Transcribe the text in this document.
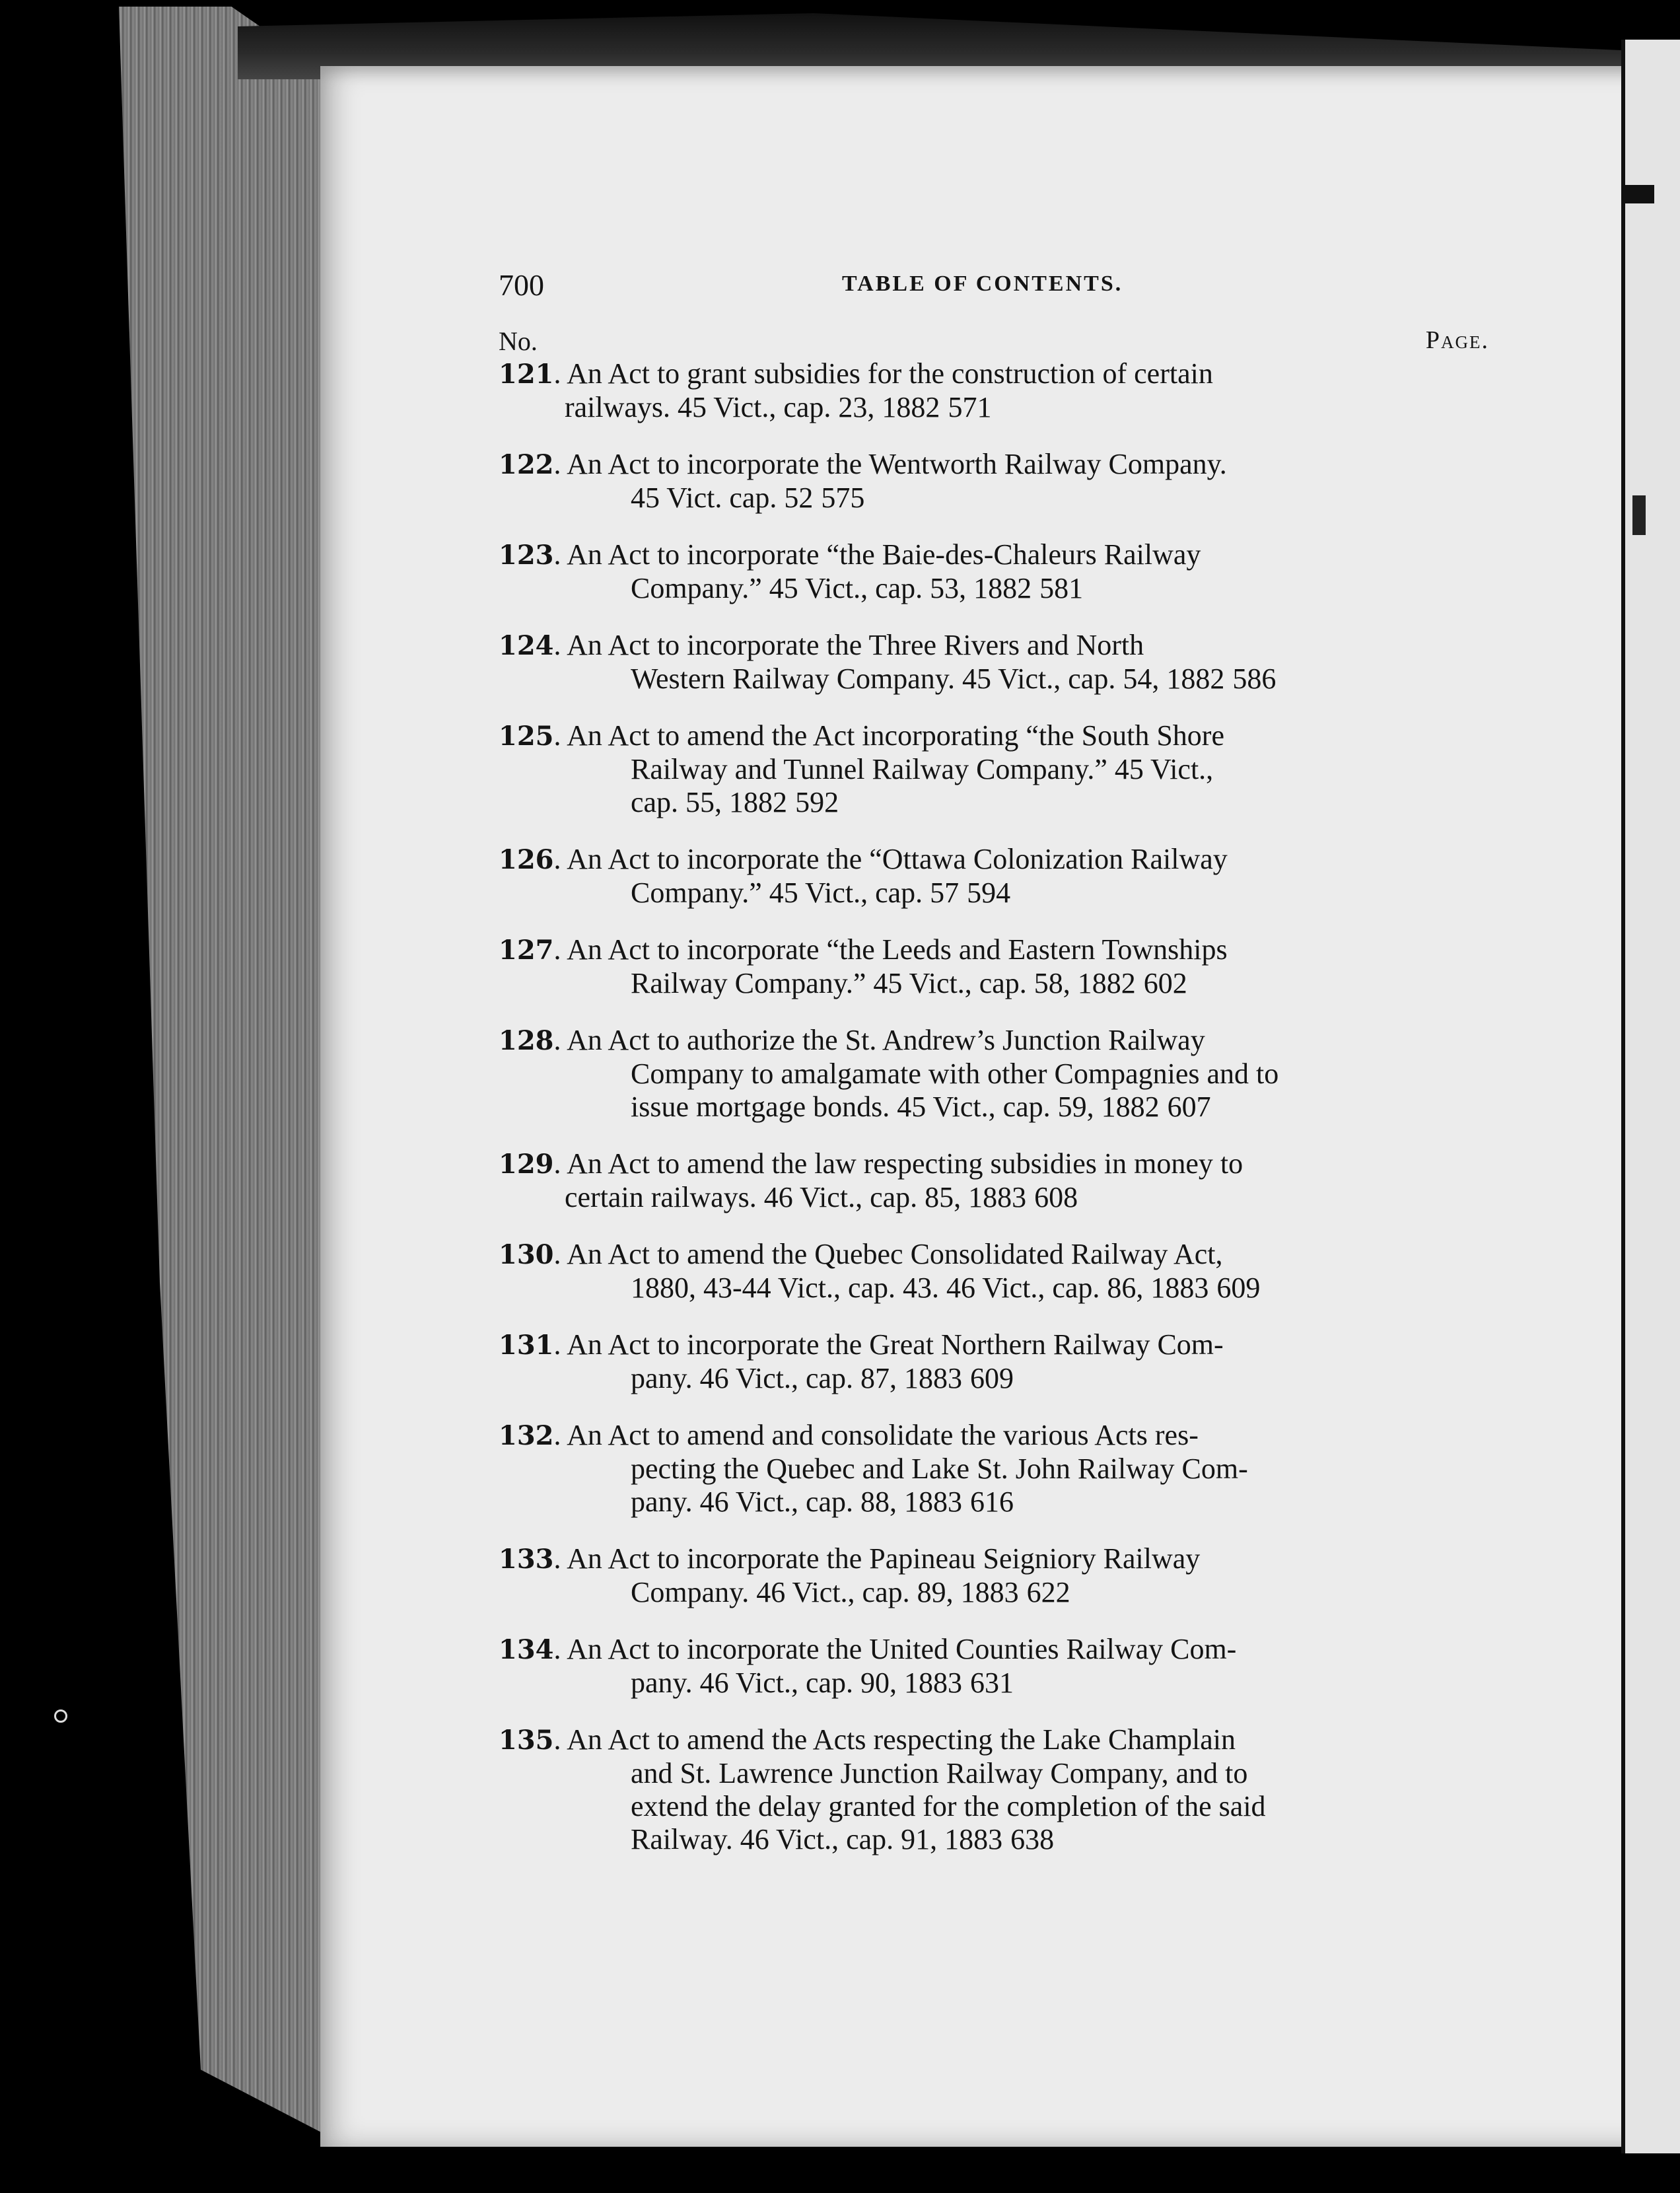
700	TABLE OF CONTENTS.
No.	Page.
121. An Act to grant subsidies for the construction of certain
railways. 45 Vict., cap. 23, 1882 571
122. An Act to incorporate the Wentworth Railway Company.
45 Vict. cap. 52 575
123. An Act to incorporate “the Baie-des-Chaleurs Railway
Company.” 45 Vict., cap. 53, 1882 581
124. An Act to incorporate the Three Rivers and North
Western Railway Company. 45 Vict., cap. 54, 1882 586
125. An Act to amend the Act incorporating “the South Shore
Railway and Tunnel Railway Company.” 45 Vict.,
cap. 55, 1882 592
126. An Act to incorporate the “Ottawa Colonization Railway
Company.” 45 Vict., cap. 57 594
127. An Act to incorporate “the Leeds and Eastern Townships
Railway Company.” 45 Vict., cap. 58, 1882 602
128. An Act to authorize the St. Andrew’s Junction Railway
Company to amalgamate with other Compagnies and to
issue mortgage bonds. 45 Vict., cap. 59, 1882 607
129. An Act to amend the law respecting subsidies in money to
certain railways. 46 Vict., cap. 85, 1883 608
130. An Act to amend the Quebec Consolidated Railway Act,
1880, 43-44 Vict., cap. 43. 46 Vict., cap. 86, 1883 609
131. An Act to incorporate the Great Northern Railway Com-
pany. 46 Vict., cap. 87, 1883 609
132. An Act to amend and consolidate the various Acts res-
pecting the Quebec and Lake St. John Railway Com-
pany. 46 Vict., cap. 88, 1883 616
133. An Act to incorporate the Papineau Seigniory Railway
Company. 46 Vict., cap. 89, 1883 622
134. An Act to incorporate the United Counties Railway Com-
pany. 46 Vict., cap. 90, 1883 631
135. An Act to amend the Acts respecting the Lake Champlain
and St. Lawrence Junction Railway Company, and to
extend the delay granted for the completion of the said
Railway. 46 Vict., cap. 91, 1883 638
